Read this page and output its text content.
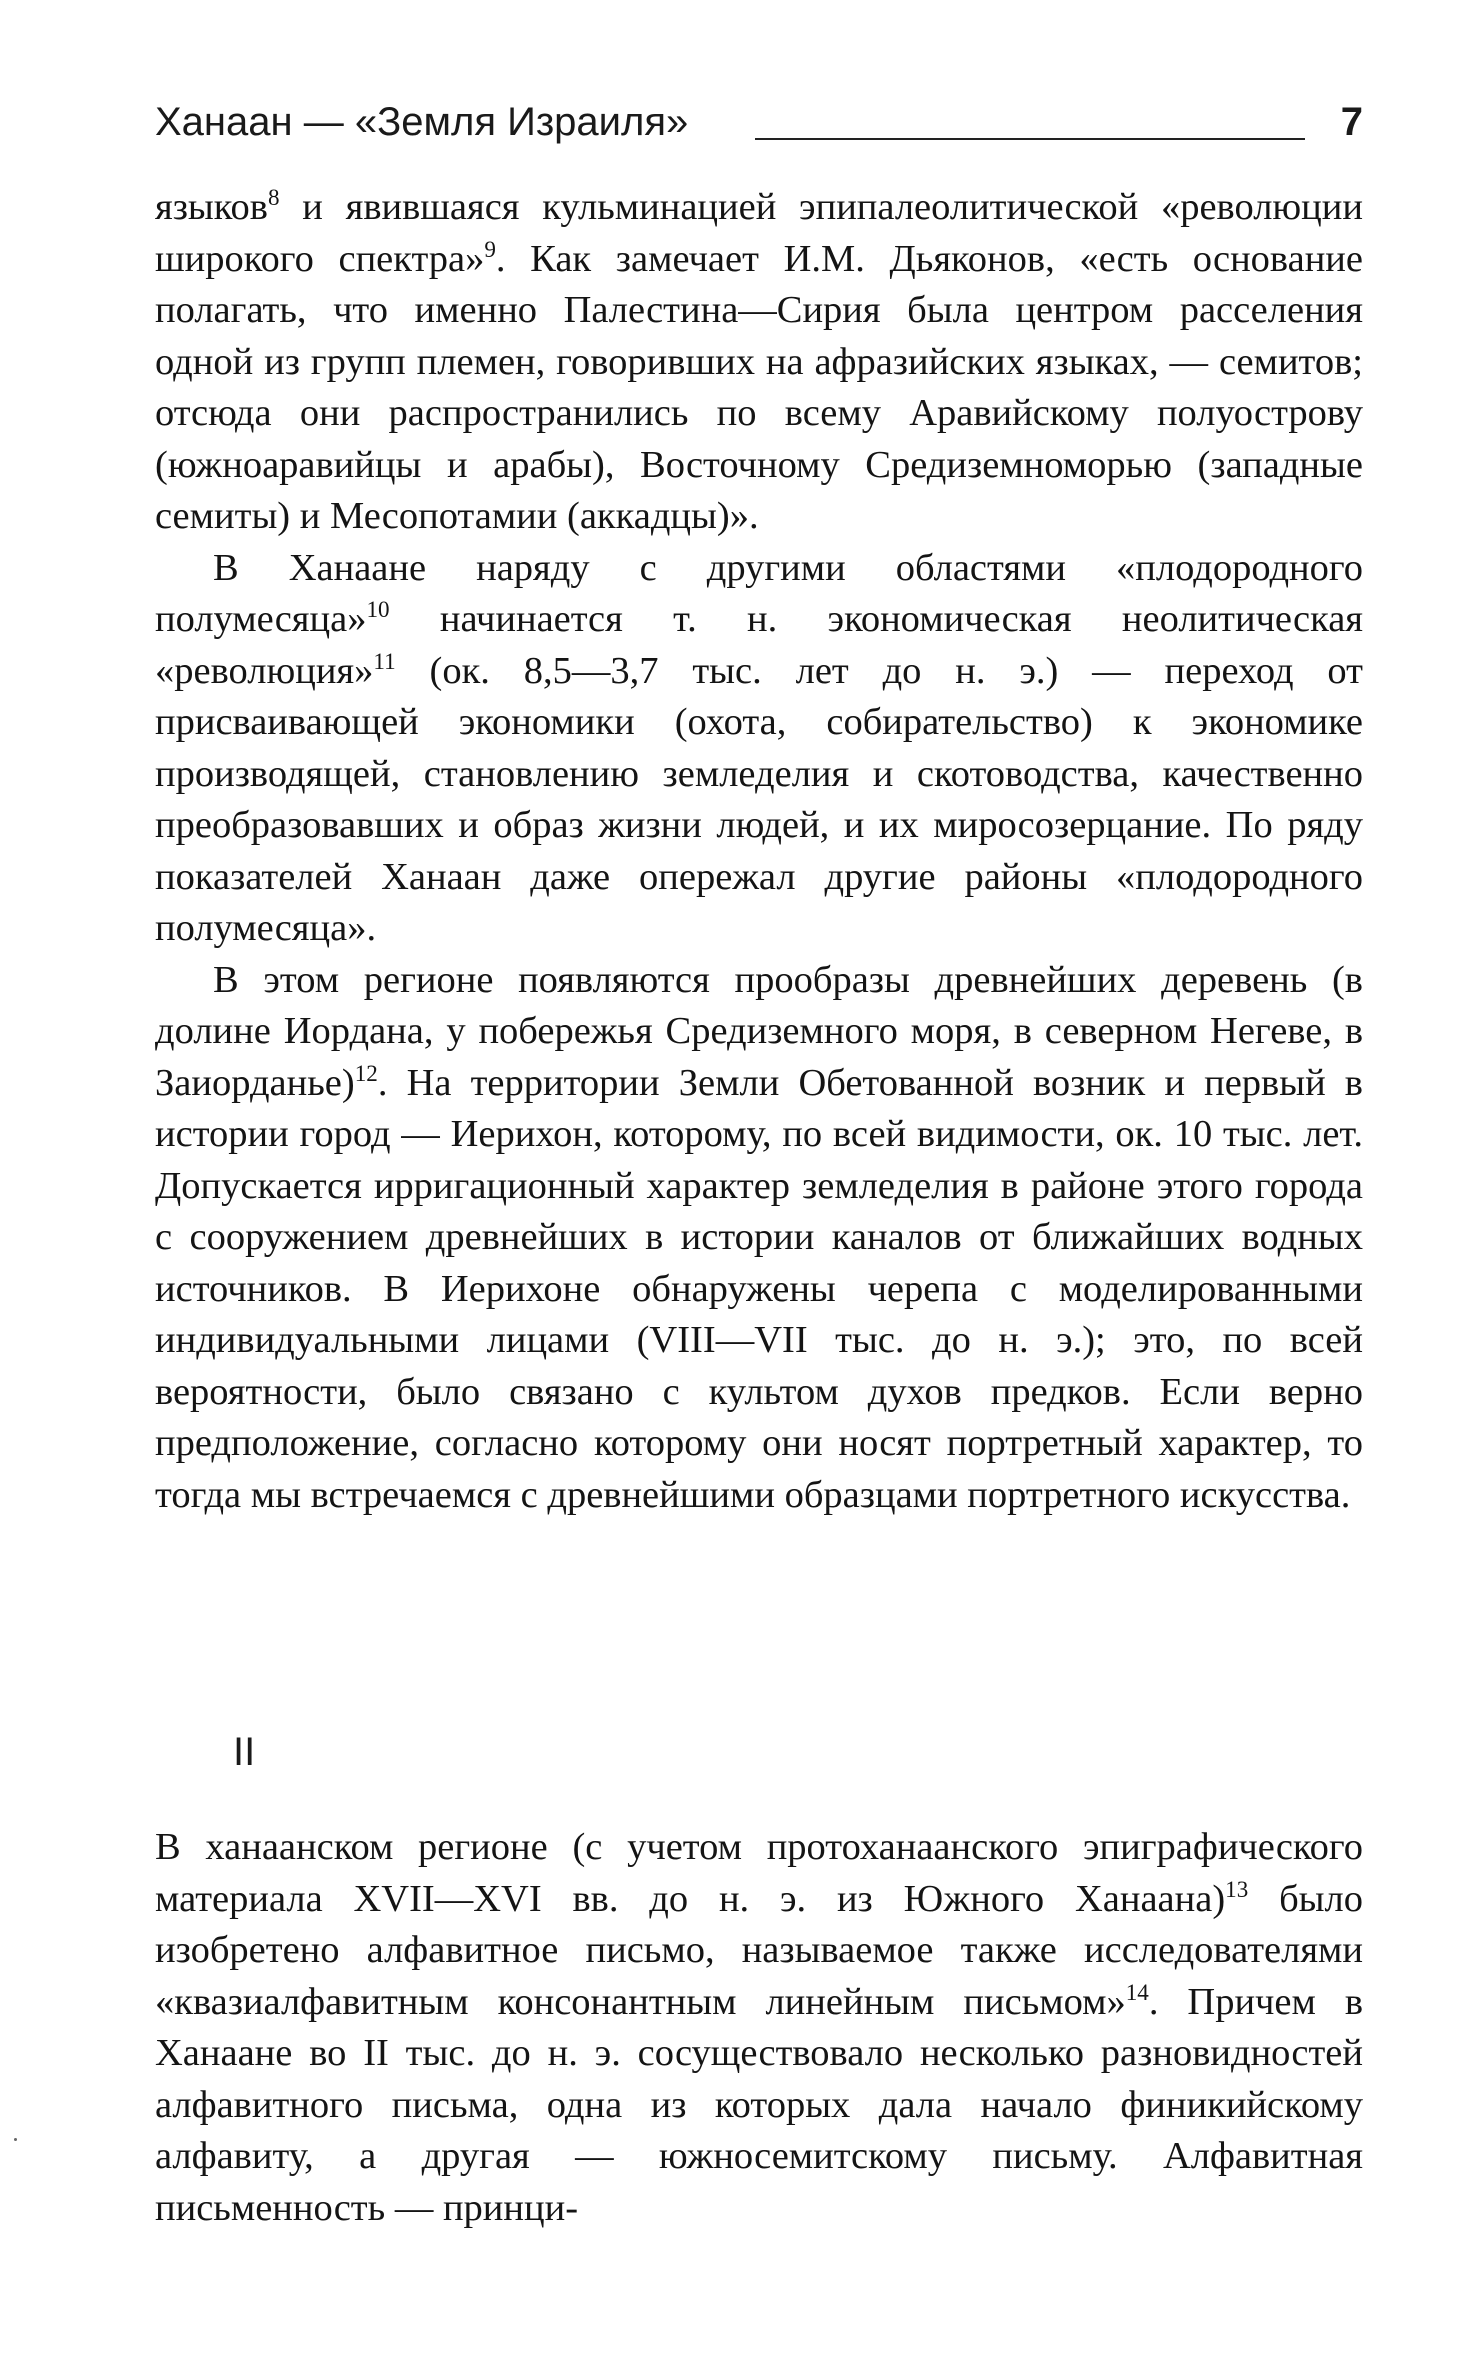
Ханаан — «Земля Израиля»	7

языков$^8$ и явившаяся кульминацией эпипалеолитической «революции широкого спектра»$^9$. Как замечает И.М. Дьяконов, «есть основание полагать, что именно Палестина—Сирия была центром расселения одной из групп племен, говоривших на афразийских языках, — семитов; отсюда они распространились по всему Аравийскому полуострову (южноаравийцы и арабы), Восточному Средиземноморью (западные семиты) и Месопотамии (аккадцы)».

В Ханаане наряду с другими областями «плодородного полумесяца»$^{10}$ начинается т. н. экономическая неолитическая «революция»$^{11}$ (ок. 8,5—3,7 тыс. лет до н. э.) — переход от присваивающей экономики (охота, собирательство) к экономике производящей, становлению земледелия и скотоводства, качественно преобразовавших и образ жизни людей, и их миросозерцание. По ряду показателей Ханаан даже опережал другие районы «плодородного полумесяца».

В этом регионе появляются прообразы древнейших деревень (в долине Иордана, у побережья Средиземного моря, в северном Негеве, в Заиорданье)$^{12}$. На территории Земли Обетованной возник и первый в истории город — Иерихон, которому, по всей видимости, ок. 10 тыс. лет. Допускается ирригационный характер земледелия в районе этого города с сооружением древнейших в истории каналов от ближайших водных источников. В Иерихоне обнаружены черепа с моделированными индивидуальными лицами (VIII—VII тыс. до н. э.); это, по всей вероятности, было связано с культом духов предков. Если верно предположение, согласно которому они носят портретный характер, то тогда мы встречаемся с древнейшими образцами портретного искусства.

II

В ханаанском регионе (с учетом протоханаанского эпиграфического материала XVII—XVI вв. до н. э. из Южного Ханаана)$^{13}$ было изобретено алфавитное письмо, называемое также исследователями «квазиалфавитным консонантным линейным письмом»$^{14}$. Причем в Ханаане во II тыс. до н. э. сосуществовало несколько разновидностей алфавитного письма, одна из которых дала начало финикийскому алфавиту, а другая — южносемитскому письму. Алфавитная письменность — принци-
